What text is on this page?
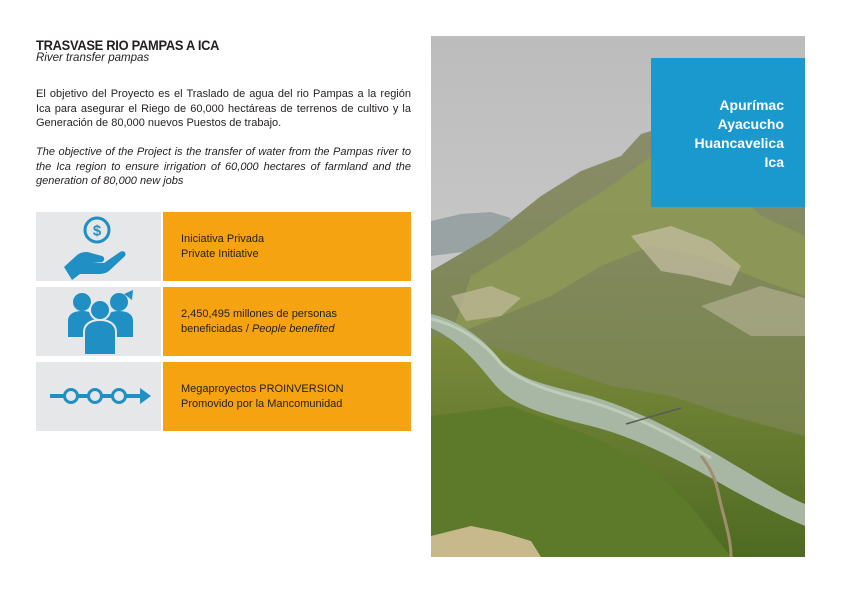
TRASVASE RIO PAMPAS A ICA
River transfer pampas
El objetivo del Proyecto es el Traslado de agua del rio Pampas a la región Ica para asegurar el Riego de 60,000 hectáreas de terrenos de cultivo y la Generación de 80,000 nuevos Puestos de trabajo.
The objective of the Project is the transfer of water from the Pampas river to the Ica region to ensure irrigation of 60,000 hectares of farmland and the generation of 80,000 new jobs
$	Iniciativa Privada
Private Initiative
2,450,495 millones de personas
beneficiadas / People benefited
Megaproyectos PROINVERSION
Promovido por la Mancomunidad
Apurímac
Ayacucho
Huancavelica
Ica
